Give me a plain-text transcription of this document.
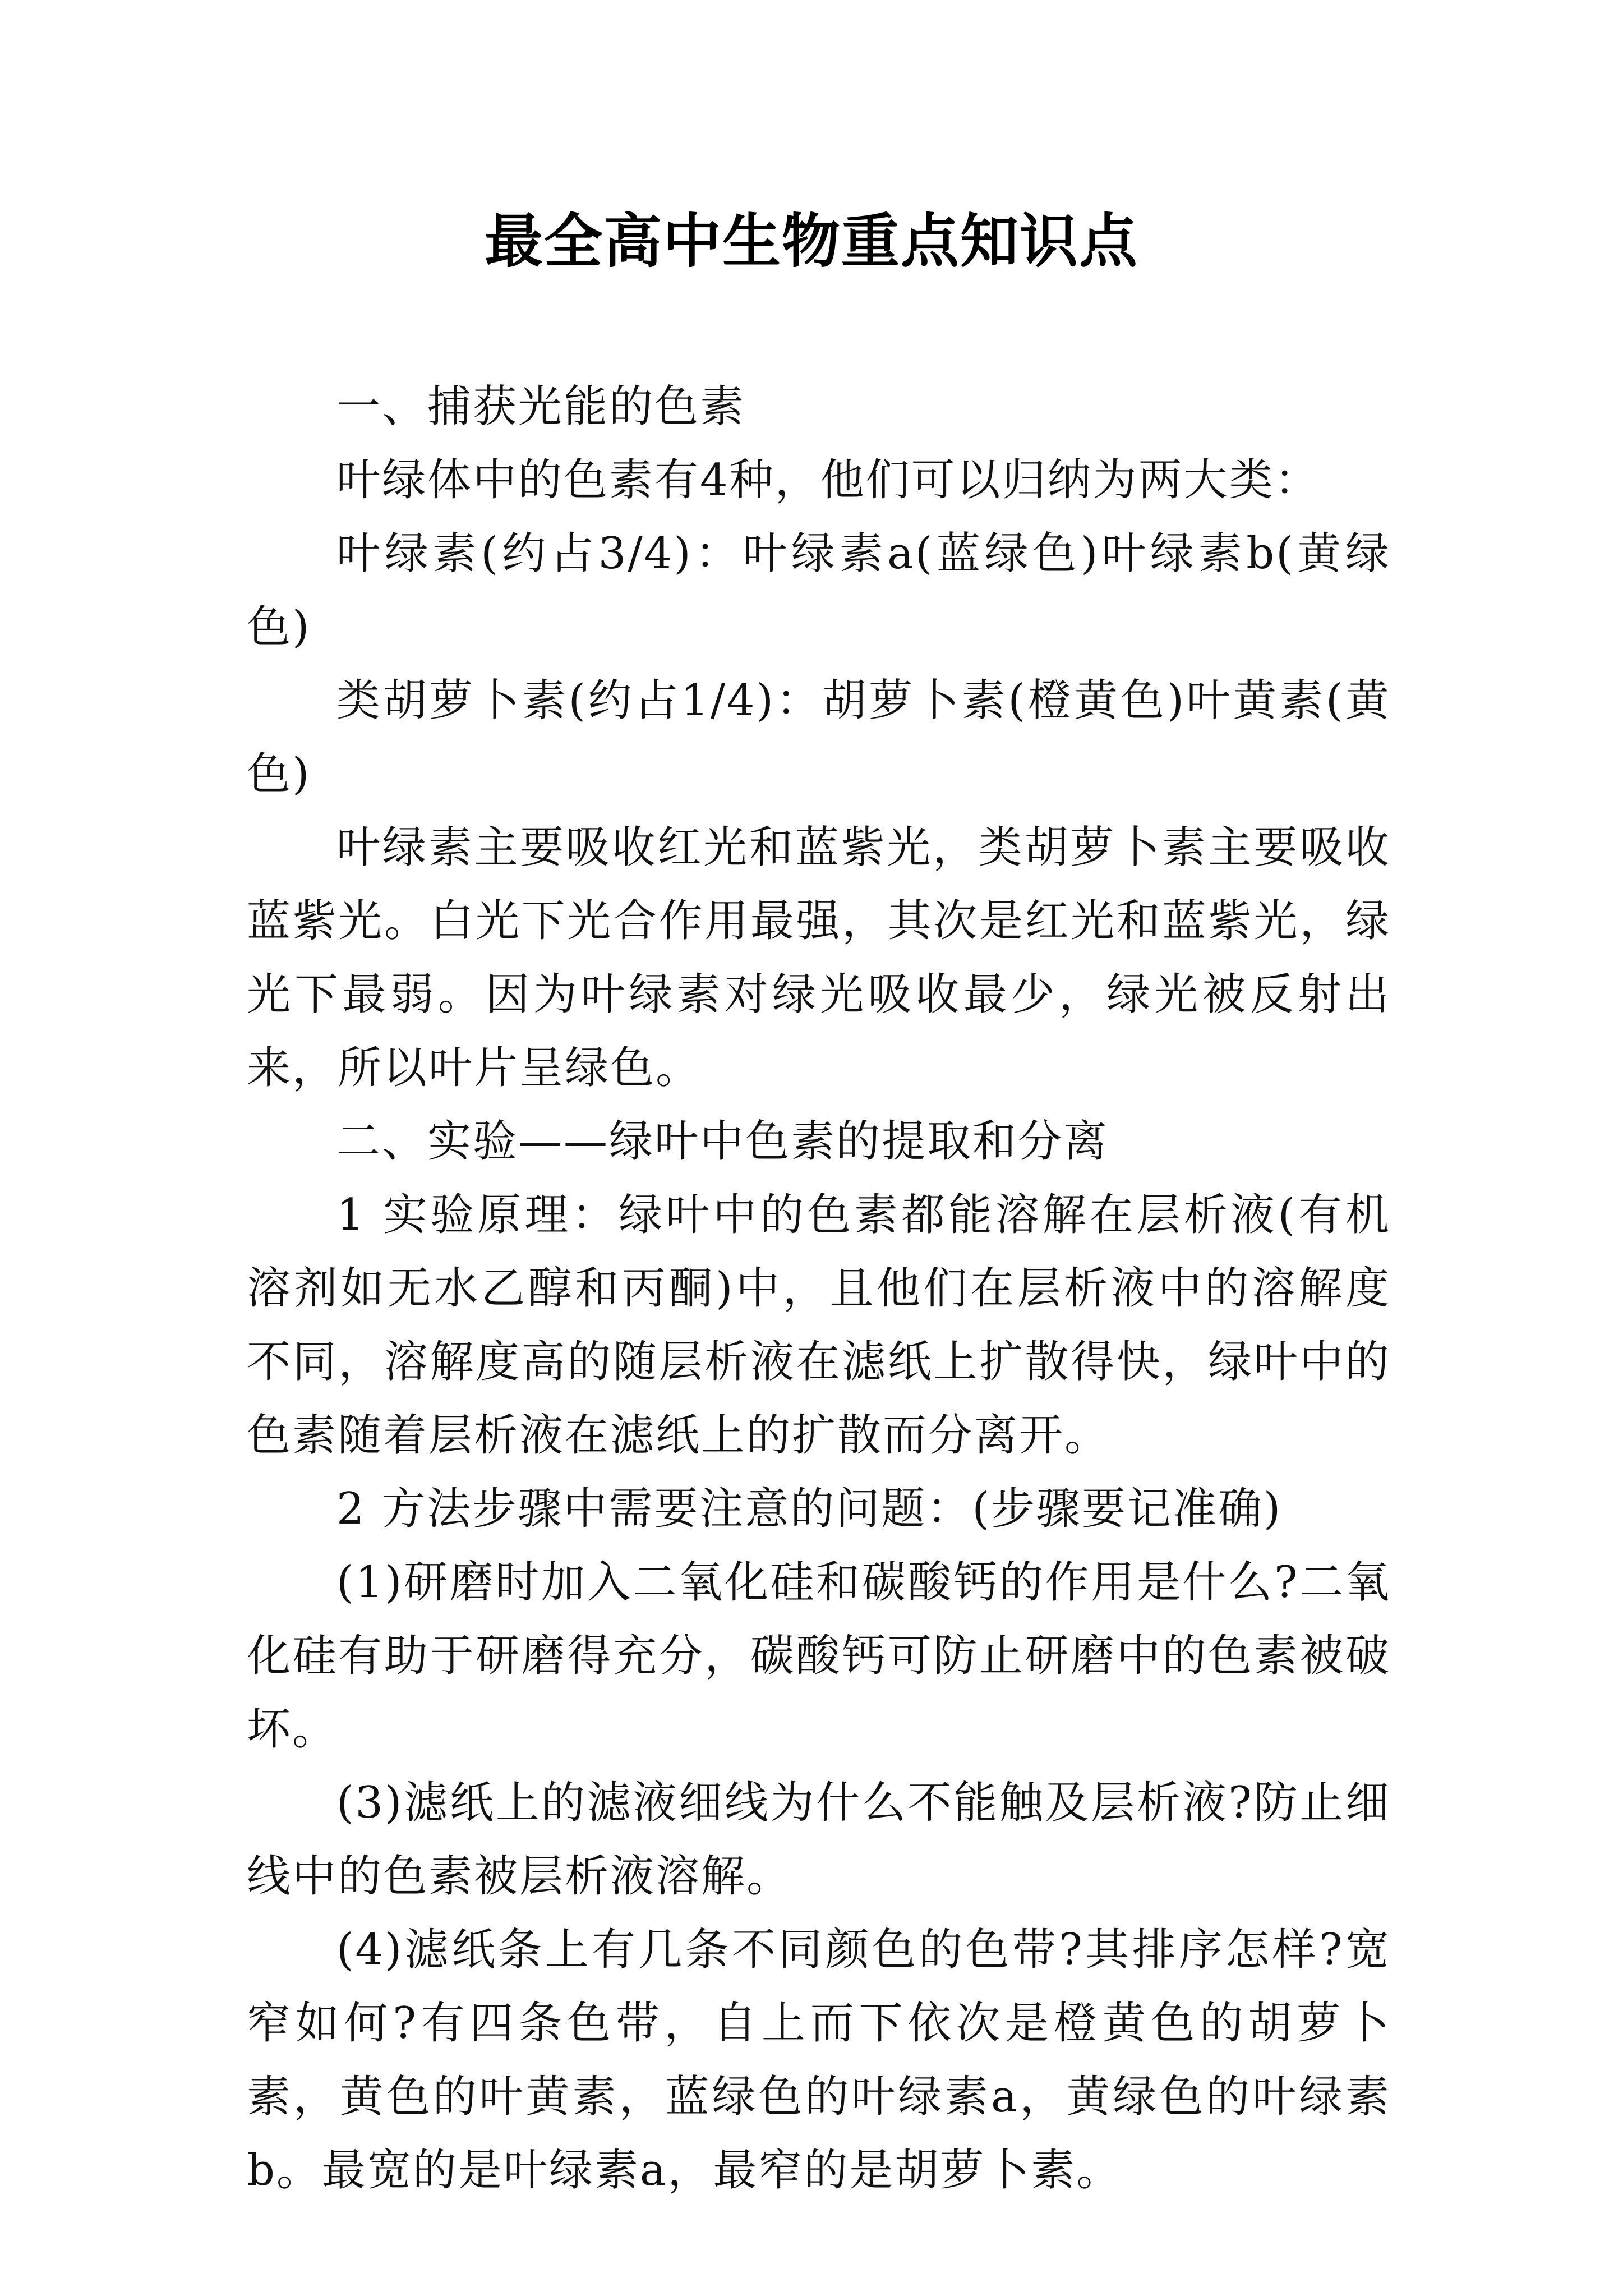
最全高中生物重点知识点

一、捕获光能的色素

叶绿体中的色素有4种，他们可以归纳为两大类：

叶绿素(约占3/4)：叶绿素a(蓝绿色)叶绿素b(黄绿色)

类胡萝卜素(约占1/4)：胡萝卜素(橙黄色)叶黄素(黄色)

叶绿素主要吸收红光和蓝紫光，类胡萝卜素主要吸收蓝紫光。白光下光合作用最强，其次是红光和蓝紫光，绿光下最弱。因为叶绿素对绿光吸收最少，绿光被反射出来，所以叶片呈绿色。

二、实验——绿叶中色素的提取和分离

1 实验原理：绿叶中的色素都能溶解在层析液(有机溶剂如无水乙醇和丙酮)中，且他们在层析液中的溶解度不同，溶解度高的随层析液在滤纸上扩散得快，绿叶中的色素随着层析液在滤纸上的扩散而分离开。

2 方法步骤中需要注意的问题：(步骤要记准确)

(1)研磨时加入二氧化硅和碳酸钙的作用是什么?二氧化硅有助于研磨得充分，碳酸钙可防止研磨中的色素被破坏。

(3)滤纸上的滤液细线为什么不能触及层析液?防止细线中的色素被层析液溶解。

(4)滤纸条上有几条不同颜色的色带?其排序怎样?宽窄如何?有四条色带，自上而下依次是橙黄色的胡萝卜素，黄色的叶黄素，蓝绿色的叶绿素a，黄绿色的叶绿素b。最宽的是叶绿素a，最窄的是胡萝卜素。
